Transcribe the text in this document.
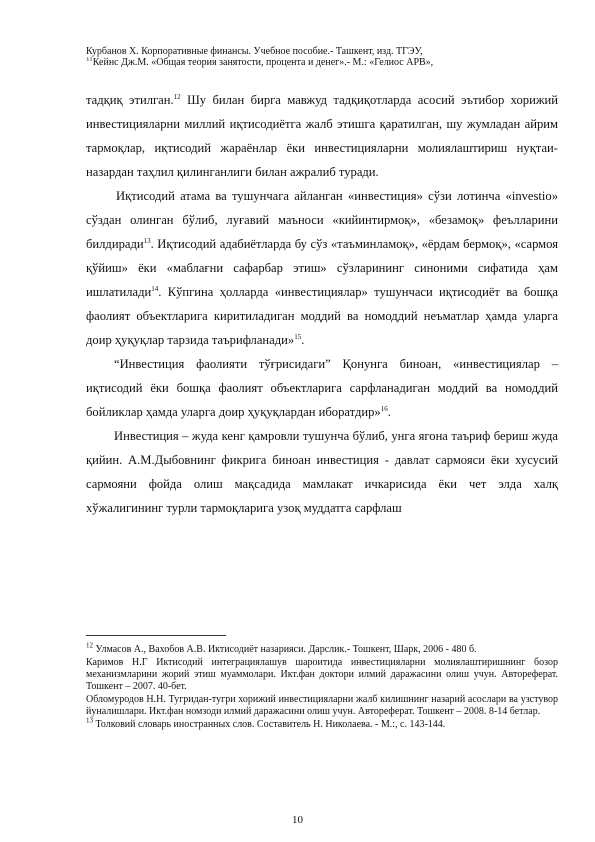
Курбанов Х. Корпоративные финансы. Учебное пособие.- Ташкент, изд. ТГЭУ,
$^{11}$Кейнс Дж.М. «Общая теория занятости, процента и денег».- М.: «Гелиос АРВ»,

тадқиқ этилган.$^{12}$ Шу билан бирга мавжуд тадқиқотларда асосий эътибор хорижий инвестицияларни миллий иқтисодиётга жалб этишга қаратилган, шу жумладан айрим тармоқлар, иқтисодий жараёнлар ёки инвестицияларни молиялаштириш нуқтаи-назардан таҳлил қилинганлиги билан ажралиб туради.

Иқтисодий атама ва тушунчага айланган «инвестиция» сўзи лотинча «investio» сўздан олинган бўлиб, луғавий маъноси «кийинтирмоқ», «безамоқ» феълларини билдиради$^{13}$. Иқтисодий адабиётларда бу сўз «таъминламоқ», «ёрдам бермоқ», «сармоя қўйиш» ёки «маблағни сафарбар этиш» сўзларининг синоними сифатида ҳам ишлатилади$^{14}$. Кўпгина ҳолларда «инвестициялар» тушунчаси иқтисодиёт ва бошқа фаолият объектларига киритиладиган моддий ва номоддий неъматлар ҳамда уларга доир ҳуқуқлар тарзида таърифланади»$^{15}$.

“Инвестиция фаолияти тўғрисидаги” Қонунга биноан, «инвестициялар – иқтисодий ёки бошқа фаолият объектларига сарфланадиган моддий ва номоддий бойликлар ҳамда уларга доир ҳуқуқлардан иборатдир»$^{16}$.

Инвестиция – жуда кенг қамровли тушунча бўлиб, унга ягона таъриф бериш жуда қийин. А.М.Дыбовнинг фикрига биноан инвестиция - давлат сармояси ёки хусусий сармояни фойда олиш мақсадида мамлакат ичкарисида ёки чет элда халқ хўжалигининг турли тармоқларига узоқ муддатга сарфлаш

$^{12}$ Улмасов А., Вахобов А.В. Иктисодиёт назарияси. Дарслик.- Тошкент, Шарк, 2006 - 480 б.

Каримов Н.Г Иктисодий интеграциялашув шароитида инвестицияларни молиялаштиришнинг бозор механизмларини жорий этиш муаммолари. Икт.фан доктори илмий даражасини олиш учун. Автореферат. Тошкент – 2007. 40-бет.

Обломуродов Н.Н. Тугридан-тугри хорижий инвестицияларни жалб килишнинг назарий асослари ва узстувор йуналишлари. Икт.фан номзоди илмий даражасини олиш учун. Автореферат. Тошкент – 2008. 8-14 бетлар.

$^{13}$ Толковий словарь иностранных слов. Составитель Н. Николаева. - М.:, с. 143-144.

10
